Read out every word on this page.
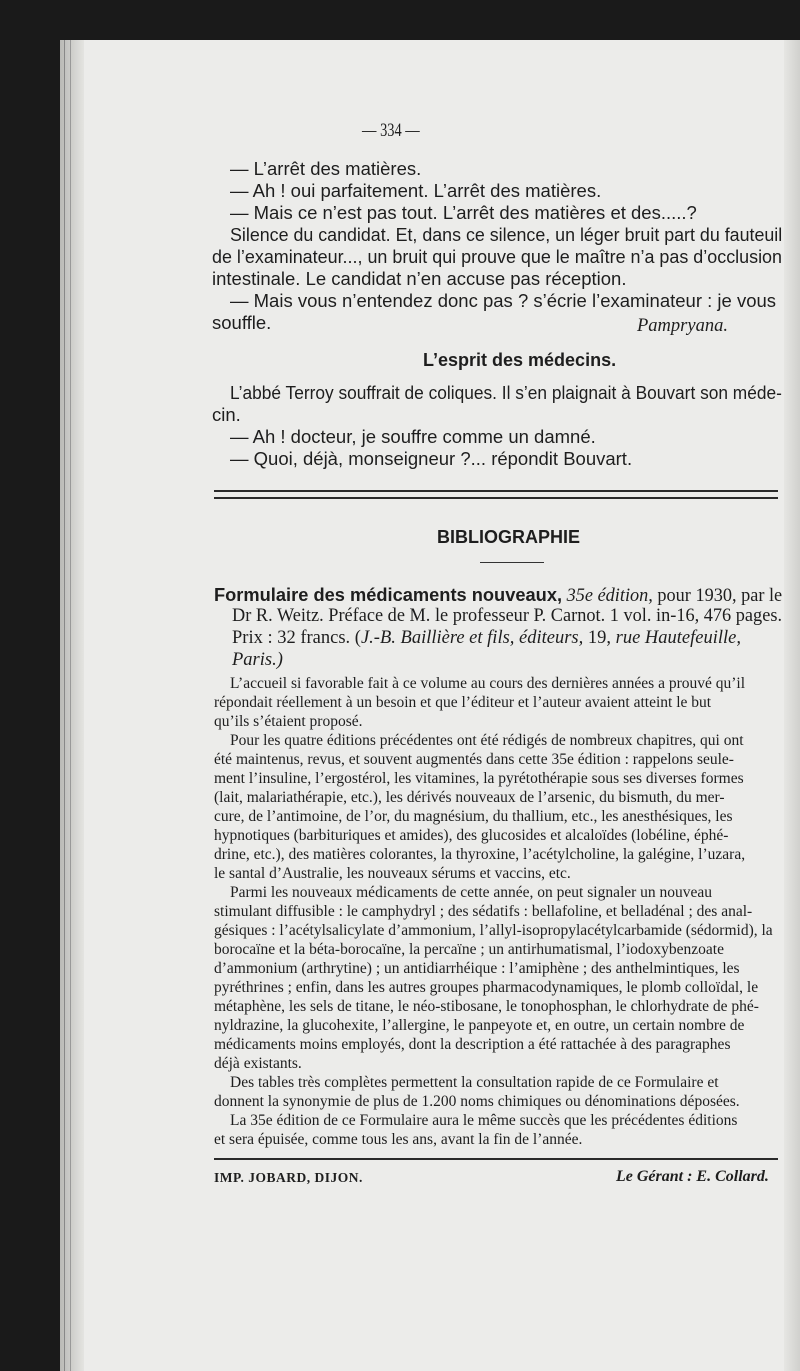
— 334 —
— L’arrêt des matières.
— Ah ! oui parfaitement. L’arrêt des matières.
— Mais ce n’est pas tout. L’arrêt des matières et des.....?
Silence du candidat. Et, dans ce silence, un léger bruit part du fauteuil
de l’examinateur..., un bruit qui prouve que le maître n’a pas d’occlusion
intestinale. Le candidat n’en accuse pas réception.
— Mais vous n’entendez donc pas ? s’écrie l’examinateur : je vous
souffle.	Pampryana.
L’esprit des médecins.
L’abbé Terroy souffrait de coliques. Il s’en plaignait à Bouvart son méde-
cin.
— Ah ! docteur, je souffre comme un damné.
— Quoi, déjà, monseigneur ?... répondit Bouvart.
BIBLIOGRAPHIE
Formulaire des médicaments nouveaux, 35e édition, pour 1930, par le
Dr R. Weitz. Préface de M. le professeur P. Carnot. 1 vol. in-16, 476 pages.
Prix : 32 francs. (J.-B. Baillière et fils, éditeurs, 19, rue Hautefeuille,
Paris.)
L’accueil si favorable fait à ce volume au cours des dernières années a prouvé qu’il
répondait réellement à un besoin et que l’éditeur et l’auteur avaient atteint le but
qu’ils s’étaient proposé.
Pour les quatre éditions précédentes ont été rédigés de nombreux chapitres, qui ont
été maintenus, revus, et souvent augmentés dans cette 35e édition : rappelons seule-
ment l’insuline, l’ergostérol, les vitamines, la pyrétothérapie sous ses diverses formes
(lait, malariathérapie, etc.), les dérivés nouveaux de l’arsenic, du bismuth, du mer-
cure, de l’antimoine, de l’or, du magnésium, du thallium, etc., les anesthésiques, les
hypnotiques (barbituriques et amides), des glucosides et alcaloïdes (lobéline, éphé-
drine, etc.), des matières colorantes, la thyroxine, l’acétylcholine, la galégine, l’uzara,
le santal d’Australie, les nouveaux sérums et vaccins, etc.
Parmi les nouveaux médicaments de cette année, on peut signaler un nouveau
stimulant diffusible : le camphydryl ; des sédatifs : bellafoline, et belladénal ; des anal-
gésiques : l’acétylsalicylate d’ammonium, l’allyl-isopropylacétylcarbamide (sédormid), la
borocaïne et la béta-borocaïne, la percaïne ; un antirhumatismal, l’iodoxybenzoate
d’ammonium (arthrytine) ; un antidiarrhéique : l’amiphène ; des anthelmintiques, les
pyréthrines ; enfin, dans les autres groupes pharmacodynamiques, le plomb colloïdal, le
métaphène, les sels de titane, le néo-stibosane, le tonophosphan, le chlorhydrate de phé-
nyldrazine, la glucohexite, l’allergine, le panpeyote et, en outre, un certain nombre de
médicaments moins employés, dont la description a été rattachée à des paragraphes
déjà existants.
Des tables très complètes permettent la consultation rapide de ce Formulaire et
donnent la synonymie de plus de 1.200 noms chimiques ou dénominations déposées.
La 35e édition de ce Formulaire aura le même succès que les précédentes éditions
et sera épuisée, comme tous les ans, avant la fin de l’année.
IMP. JOBARD, DIJON.	Le Gérant : E. Collard.
